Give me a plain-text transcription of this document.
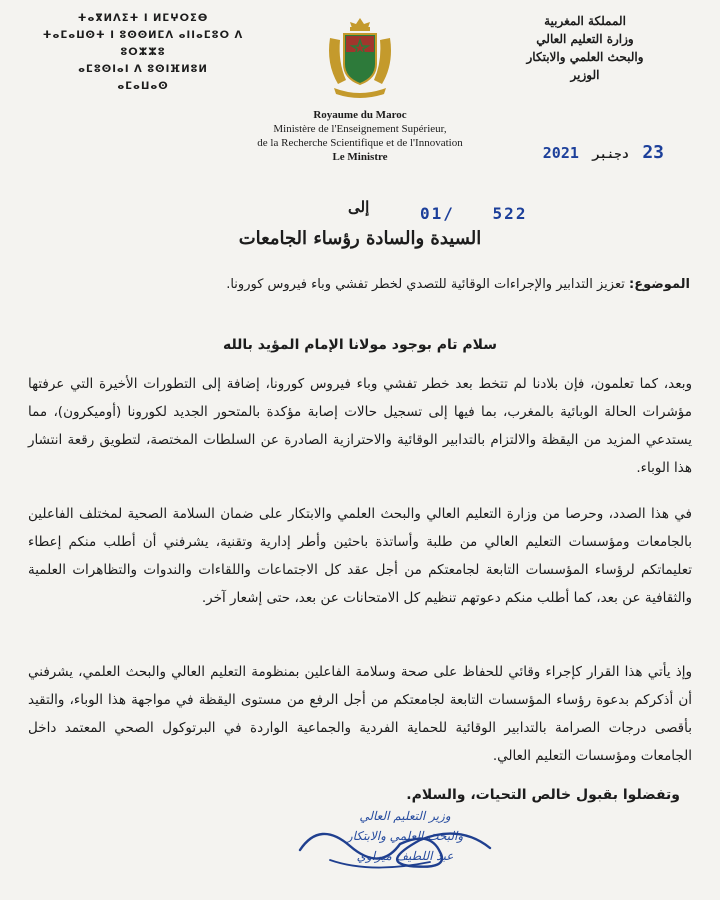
ⵜⴰⴳⵍⴷⵉⵜ ⵏ ⵍⵎⵖⵔⵉⴱ
ⵜⴰⵎⴰⵡⵙⵜ ⵏ ⵓⵙⵙⵍⵎⴷ ⴰⵏⵏⴰⵎⵓⵔ ⴷ ⵓⵔⵣⵣⵓ
ⴰⵎⵓⵙⵏⴰⵏ ⴷ ⵓⵙⵏⴼⵍⵓⵍ
ⴰⵎⴰⵡⴰⵙ
المملكة المغربية
وزارة التعليم العالي
والبحث العلمي والابتكار
الوزير
Royaume du Maroc
Ministère de l'Enseignement Supérieur,
de la Recherche Scientifique et de l'Innovation
Le Ministre	23 دجنبر 2021
إلى	01/ 522
السيدة والسادة رؤساء الجامعات
الموضوع: تعزيز التدابير والإجراءات الوقائية للتصدي لخطر تفشي وباء فيروس كورونا.
سلام تام بوجود مولانا الإمام المؤيد بالله
وبعد، كما تعلمون، فإن بلادنا لم تتخط بعد خطر تفشي وباء فيروس كورونا، إضافة إلى التطورات الأخيرة التي عرفتها مؤشرات الحالة الوبائية بالمغرب، بما فيها إلى تسجيل حالات إصابة مؤكدة بالمتحور الجديد لكورونا (أوميكرون)، مما يستدعي المزيد من اليقظة والالتزام بالتدابير الوقائية والاحترازية الصادرة عن السلطات المختصة، لتطويق رقعة انتشار هذا الوباء.
في هذا الصدد، وحرصا من وزارة التعليم العالي والبحث العلمي والابتكار على ضمان السلامة الصحية لمختلف الفاعلين بالجامعات ومؤسسات التعليم العالي من طلبة وأساتذة باحثين وأطر إدارية وتقنية، يشرفني أن أطلب منكم إعطاء تعليماتكم لرؤساء المؤسسات التابعة لجامعتكم من أجل عقد كل الاجتماعات واللقاءات والندوات والتظاهرات العلمية والثقافية عن بعد، كما أطلب منكم دعوتهم تنظيم كل الامتحانات عن بعد، حتى إشعار آخر.
وإذ يأتي هذا القرار كإجراء وقائي للحفاظ على صحة وسلامة الفاعلين بمنظومة التعليم العالي والبحث العلمي، يشرفني أن أذكركم بدعوة رؤساء المؤسسات التابعة لجامعتكم من أجل الرفع من مستوى اليقظة في مواجهة هذا الوباء، والتقيد بأقصى درجات الصرامة بالتدابير الوقائية للحماية الفردية والجماعية الواردة في البرتوكول الصحي المعتمد داخل الجامعات ومؤسسات التعليم العالي.
وتفضلوا بقبول خالص التحيات، والسلام.
وزير التعليم العالي
والبحث العلمي والابتكار
عبد اللطيف ميراوي
